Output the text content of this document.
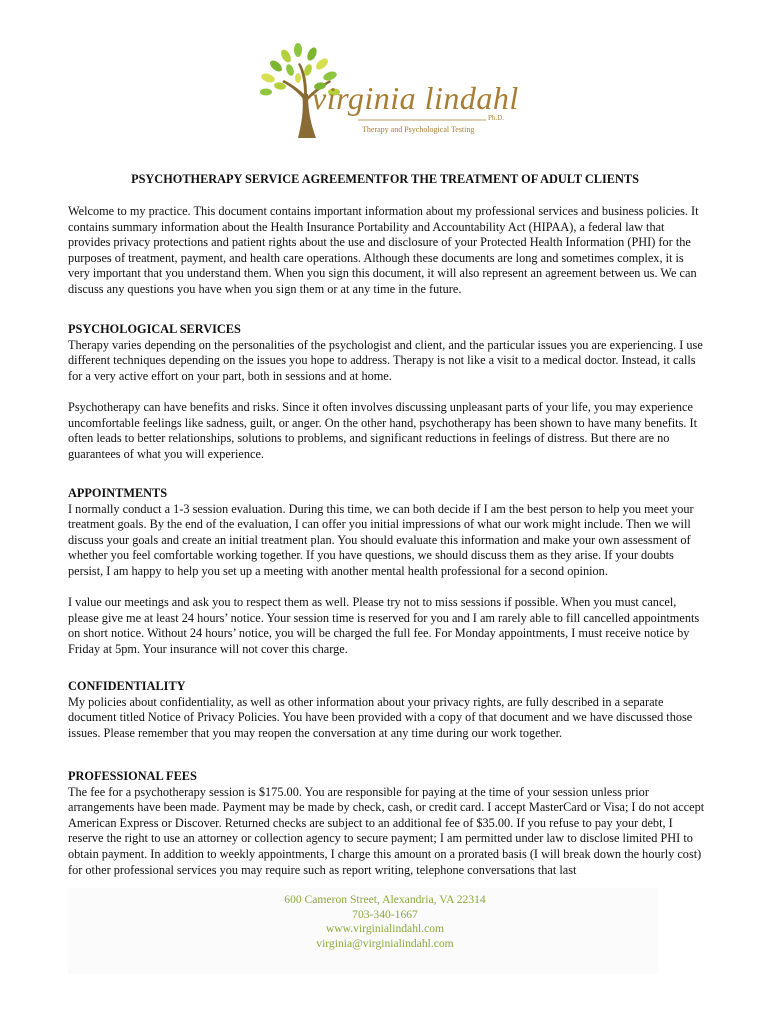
virginia lindahl
Ph.D.
Therapy and Psychological Testing
PSYCHOTHERAPY SERVICE AGREEMENTFOR THE TREATMENT OF ADULT CLIENTS

Welcome to my practice. This document contains important information about my professional services and business policies. It contains summary information about the Health Insurance Portability and Accountability Act (HIPAA), a federal law that provides privacy protections and patient rights about the use and disclosure of your Protected Health Information (PHI) for the purposes of treatment, payment, and health care operations. Although these documents are long and sometimes complex, it is very important that you understand them. When you sign this document, it will also represent an agreement between us. We can discuss any questions you have when you sign them or at any time in the future.

PSYCHOLOGICAL SERVICES

Therapy varies depending on the personalities of the psychologist and client, and the particular issues you are experiencing. I use different techniques depending on the issues you hope to address. Therapy is not like a visit to a medical doctor. Instead, it calls for a very active effort on your part, both in sessions and at home.

Psychotherapy can have benefits and risks. Since it often involves discussing unpleasant parts of your life, you may experience uncomfortable feelings like sadness, guilt, or anger. On the other hand, psychotherapy has been shown to have many benefits. It often leads to better relationships, solutions to problems, and significant reductions in feelings of distress. But there are no guarantees of what you will experience.

APPOINTMENTS

I normally conduct a 1-3 session evaluation. During this time, we can both decide if I am the best person to help you meet your treatment goals. By the end of the evaluation, I can offer you initial impressions of what our work might include. Then we will discuss your goals and create an initial treatment plan. You should evaluate this information and make your own assessment of whether you feel comfortable working together. If you have questions, we should discuss them as they arise. If your doubts persist, I am happy to help you set up a meeting with another mental health professional for a second opinion.

I value our meetings and ask you to respect them as well. Please try not to miss sessions if possible. When you must cancel, please give me at least 24 hours’ notice. Your session time is reserved for you and I am rarely able to fill cancelled appointments on short notice. Without 24 hours’ notice, you will be charged the full fee. For Monday appointments, I must receive notice by Friday at 5pm. Your insurance will not cover this charge.

CONFIDENTIALITY

My policies about confidentiality, as well as other information about your privacy rights, are fully described in a separate document titled Notice of Privacy Policies. You have been provided with a copy of that document and we have discussed those issues. Please remember that you may reopen the conversation at any time during our work together.

PROFESSIONAL FEES

The fee for a psychotherapy session is $175.00. You are responsible for paying at the time of your session unless prior arrangements have been made. Payment may be made by check, cash, or credit card. I accept MasterCard or Visa; I do not accept American Express or Discover. Returned checks are subject to an additional fee of $35.00. If you refuse to pay your debt, I reserve the right to use an attorney or collection agency to secure payment; I am permitted under law to disclose limited PHI to obtain payment. In addition to weekly appointments, I charge this amount on a prorated basis (I will break down the hourly cost) for other professional services you may require such as report writing, telephone conversations that last

600 Cameron Street, Alexandria, VA 22314
703-340-1667
www.virginialindahl.com
virginia@virginialindahl.com
